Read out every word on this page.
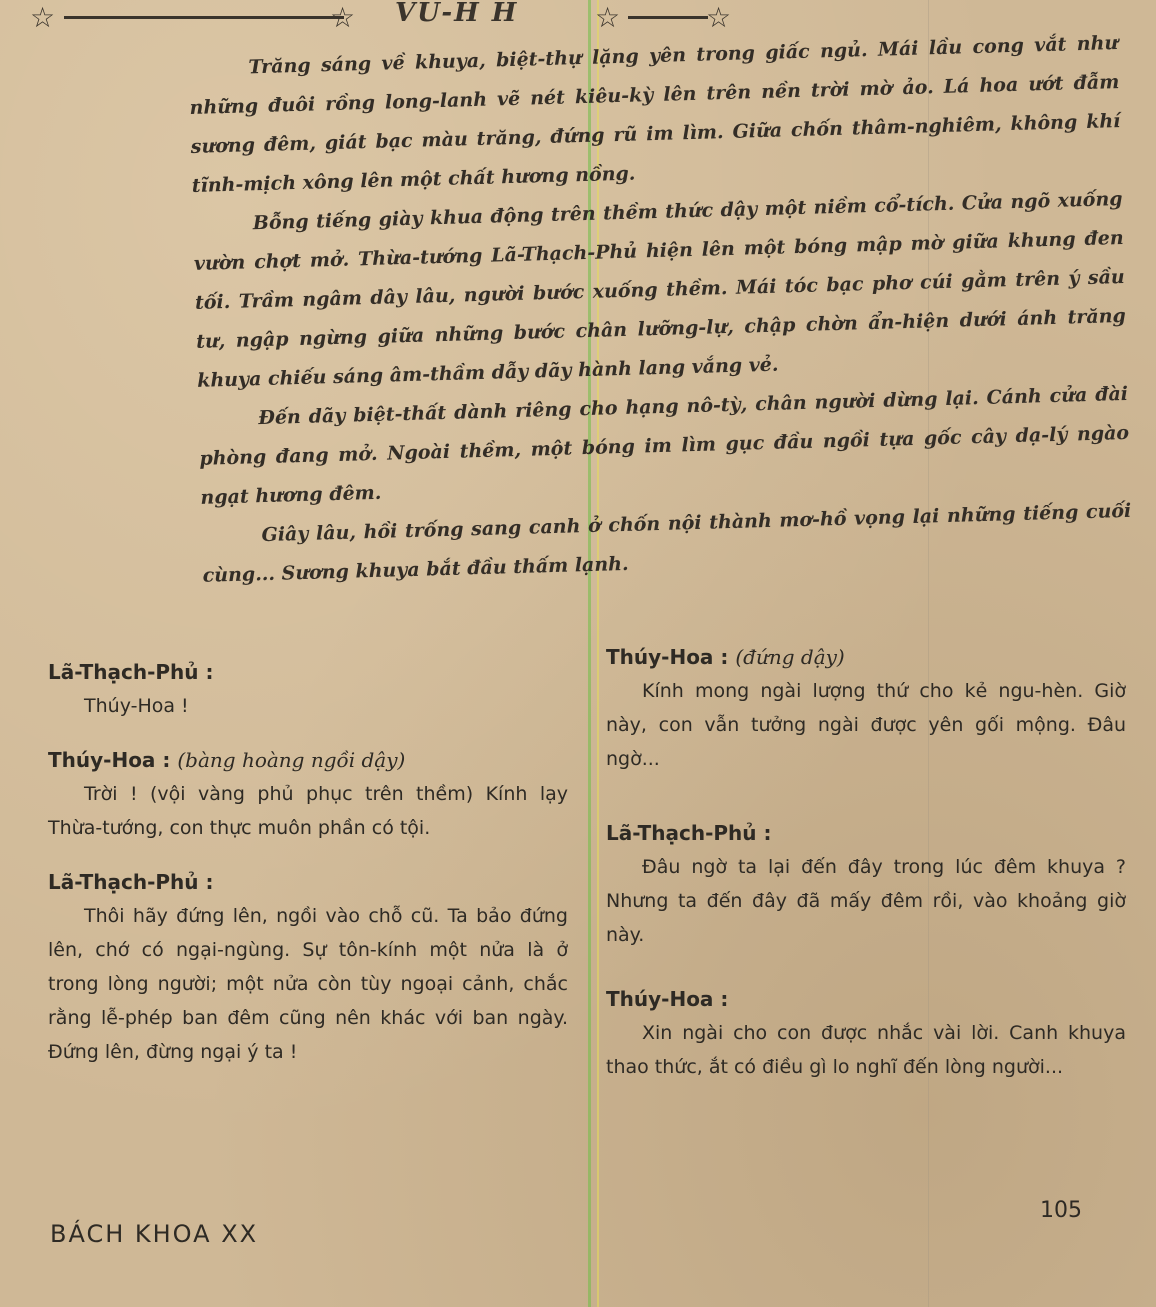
☆	☆ VU-H H	☆	☆

Trăng sáng về khuya, biệt-thự lặng yên trong giấc ngủ. Mái lầu cong vắt như những đuôi rồng long-lanh vẽ nét kiêu-kỳ lên trên nền trời mờ ảo. Lá hoa ướt đẫm sương đêm, giát bạc màu trăng, đứng rũ im lìm. Giữa chốn thâm-nghiêm, không khí tĩnh-mịch xông lên một chất hương nồng.

Bỗng tiếng giày khua động trên thềm thức dậy một niềm cổ-tích. Cửa ngõ xuống vườn chợt mở. Thừa-tướng Lã-Thạch-Phủ hiện lên một bóng mập mờ giữa khung đen tối. Trầm ngâm dây lâu, người bước xuống thềm. Mái tóc bạc phơ cúi gằm trên ý sầu tư, ngập ngừng giữa những bước chân lưỡng-lự, chập chờn ẩn-hiện dưới ánh trăng khuya chiếu sáng âm-thầm dẫy dãy hành lang vắng vẻ.

Đến dãy biệt-thất dành riêng cho hạng nô-tỳ, chân người dừng lại. Cánh cửa đài phòng đang mở. Ngoài thềm, một bóng im lìm gục đầu ngồi tựa gốc cây dạ-lý ngào ngạt hương đêm.

Giây lâu, hồi trống sang canh ở chốn nội thành mơ-hồ vọng lại những tiếng cuối cùng... Sương khuya bắt đầu thấm lạnh.

Lã-Thạch-Phủ :

Thúy-Hoa !

Thúy-Hoa : (bàng hoàng ngồi dậy)

Trời ! (vội vàng phủ phục trên thềm) Kính lạy Thừa-tướng, con thực muôn phần có tội.

Lã-Thạch-Phủ :

Thôi hãy đứng lên, ngồi vào chỗ cũ. Ta bảo đứng lên, chớ có ngại-ngùng. Sự tôn-kính một nửa là ở trong lòng người; một nửa còn tùy ngoại cảnh, chắc rằng lễ-phép ban đêm cũng nên khác với ban ngày. Đứng lên, đừng ngại ý ta !

Thúy-Hoa : (đứng dậy)

Kính mong ngài lượng thứ cho kẻ ngu-hèn. Giờ này, con vẫn tưởng ngài được yên gối mộng. Đâu ngờ...

Lã-Thạch-Phủ :

Đâu ngờ ta lại đến đây trong lúc đêm khuya ? Nhưng ta đến đây đã mấy đêm rồi, vào khoảng giờ này.

Thúy-Hoa :

Xin ngài cho con được nhắc vài lời. Canh khuya thao thức, ắt có điều gì lo nghĩ đến lòng người...

BÁCH KHOA XX
105
